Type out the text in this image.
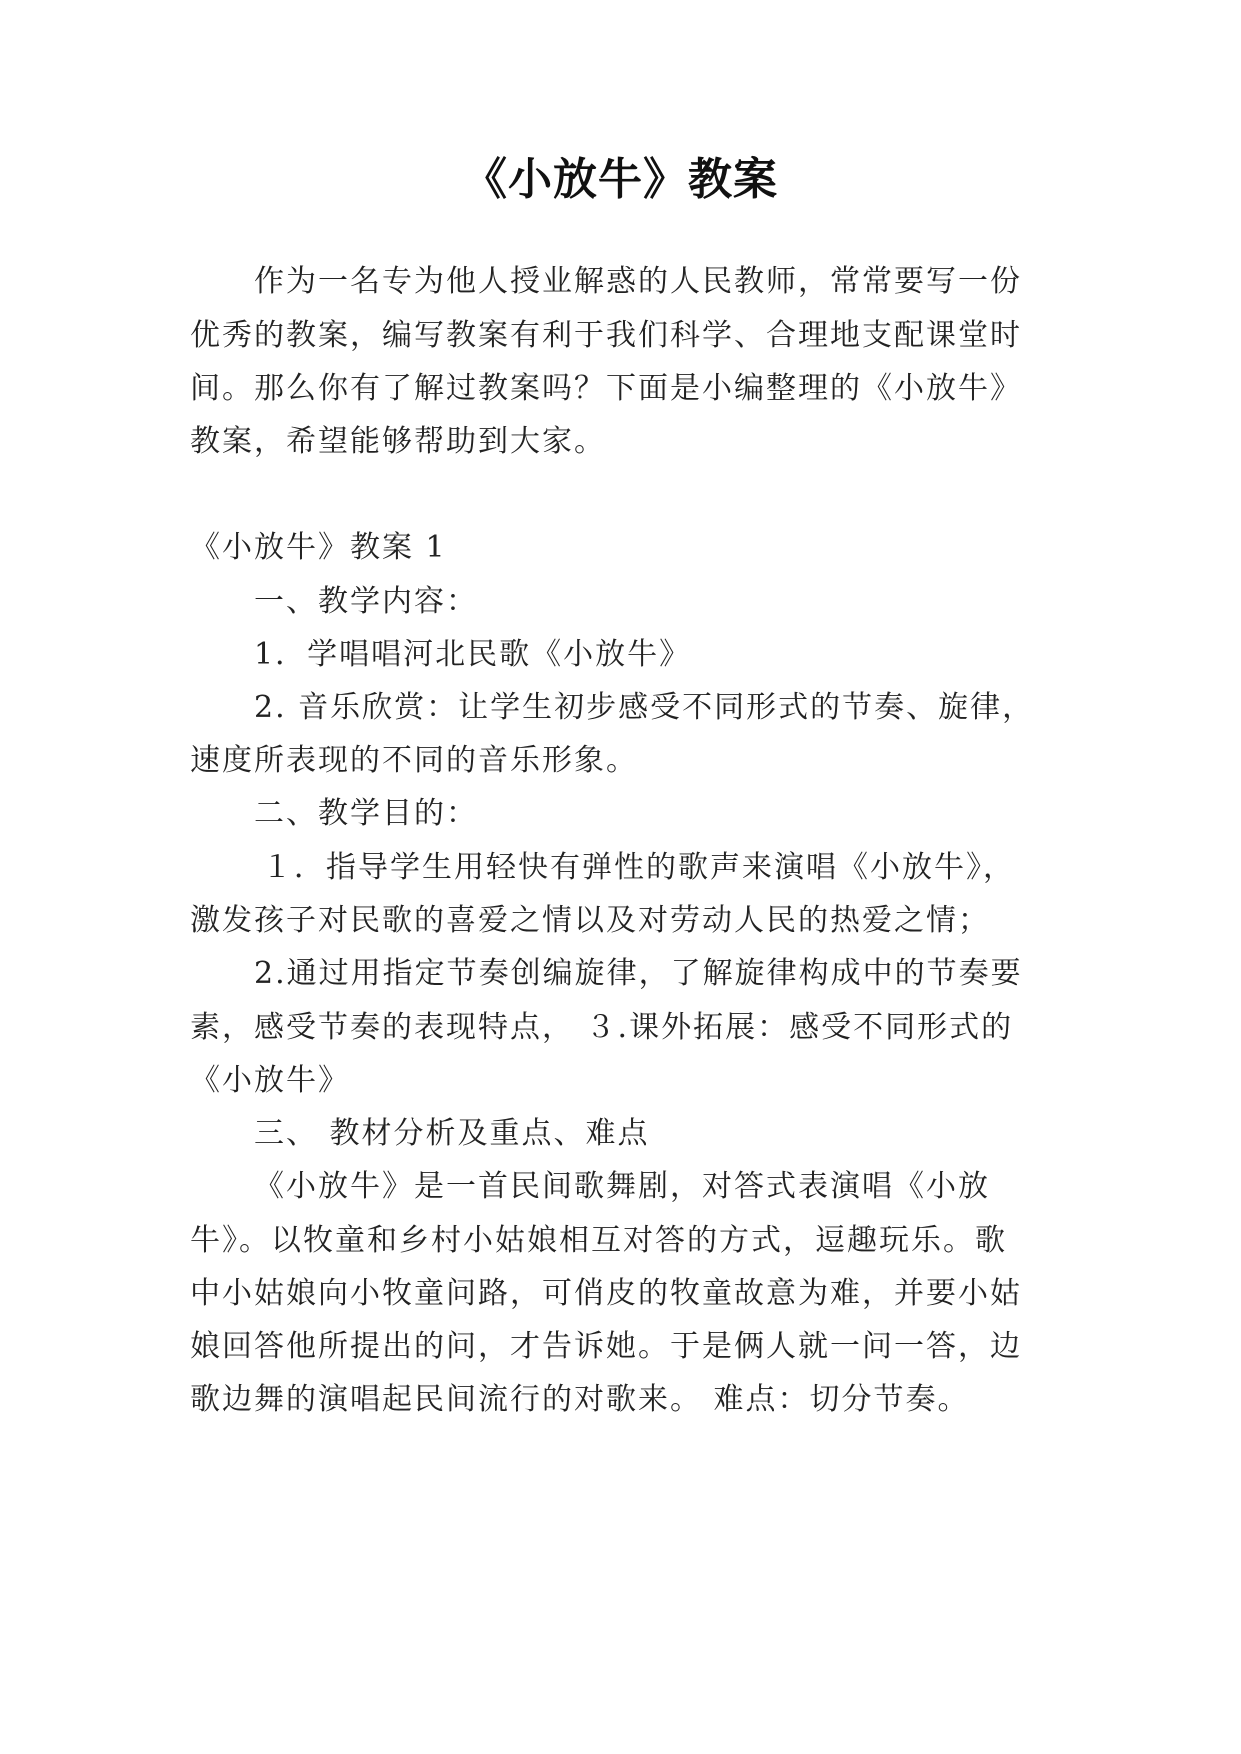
《小放牛》教案
作为一名专为他人授业解惑的人民教师，常常要写一份
优秀的教案，编写教案有利于我们科学、合理地支配课堂时
间。那么你有了解过教案吗？下面是小编整理的《小放牛》
教案，希望能够帮助到大家。
《小放牛》教案 1
一、教学内容：
1．学唱唱河北民歌《小放牛》
2. 音乐欣赏：让学生初步感受不同形式的节奏、旋律，
速度所表现的不同的音乐形象。
二、教学目的：
１．指导学生用轻快有弹性的歌声来演唱《小放牛》，
激发孩子对民歌的喜爱之情以及对劳动人民的热爱之情；
2.通过用指定节奏创编旋律，了解旋律构成中的节奏要
素，感受节奏的表现特点， ３.课外拓展：感受不同形式的
《小放牛》
三、 教材分析及重点、难点
《小放牛》是一首民间歌舞剧，对答式表演唱《小放
牛》。以牧童和乡村小姑娘相互对答的方式，逗趣玩乐。歌
中小姑娘向小牧童问路，可俏皮的牧童故意为难，并要小姑
娘回答他所提出的问，才告诉她。于是俩人就一问一答，边
歌边舞的演唱起民间流行的对歌来。 难点：切分节奏。
